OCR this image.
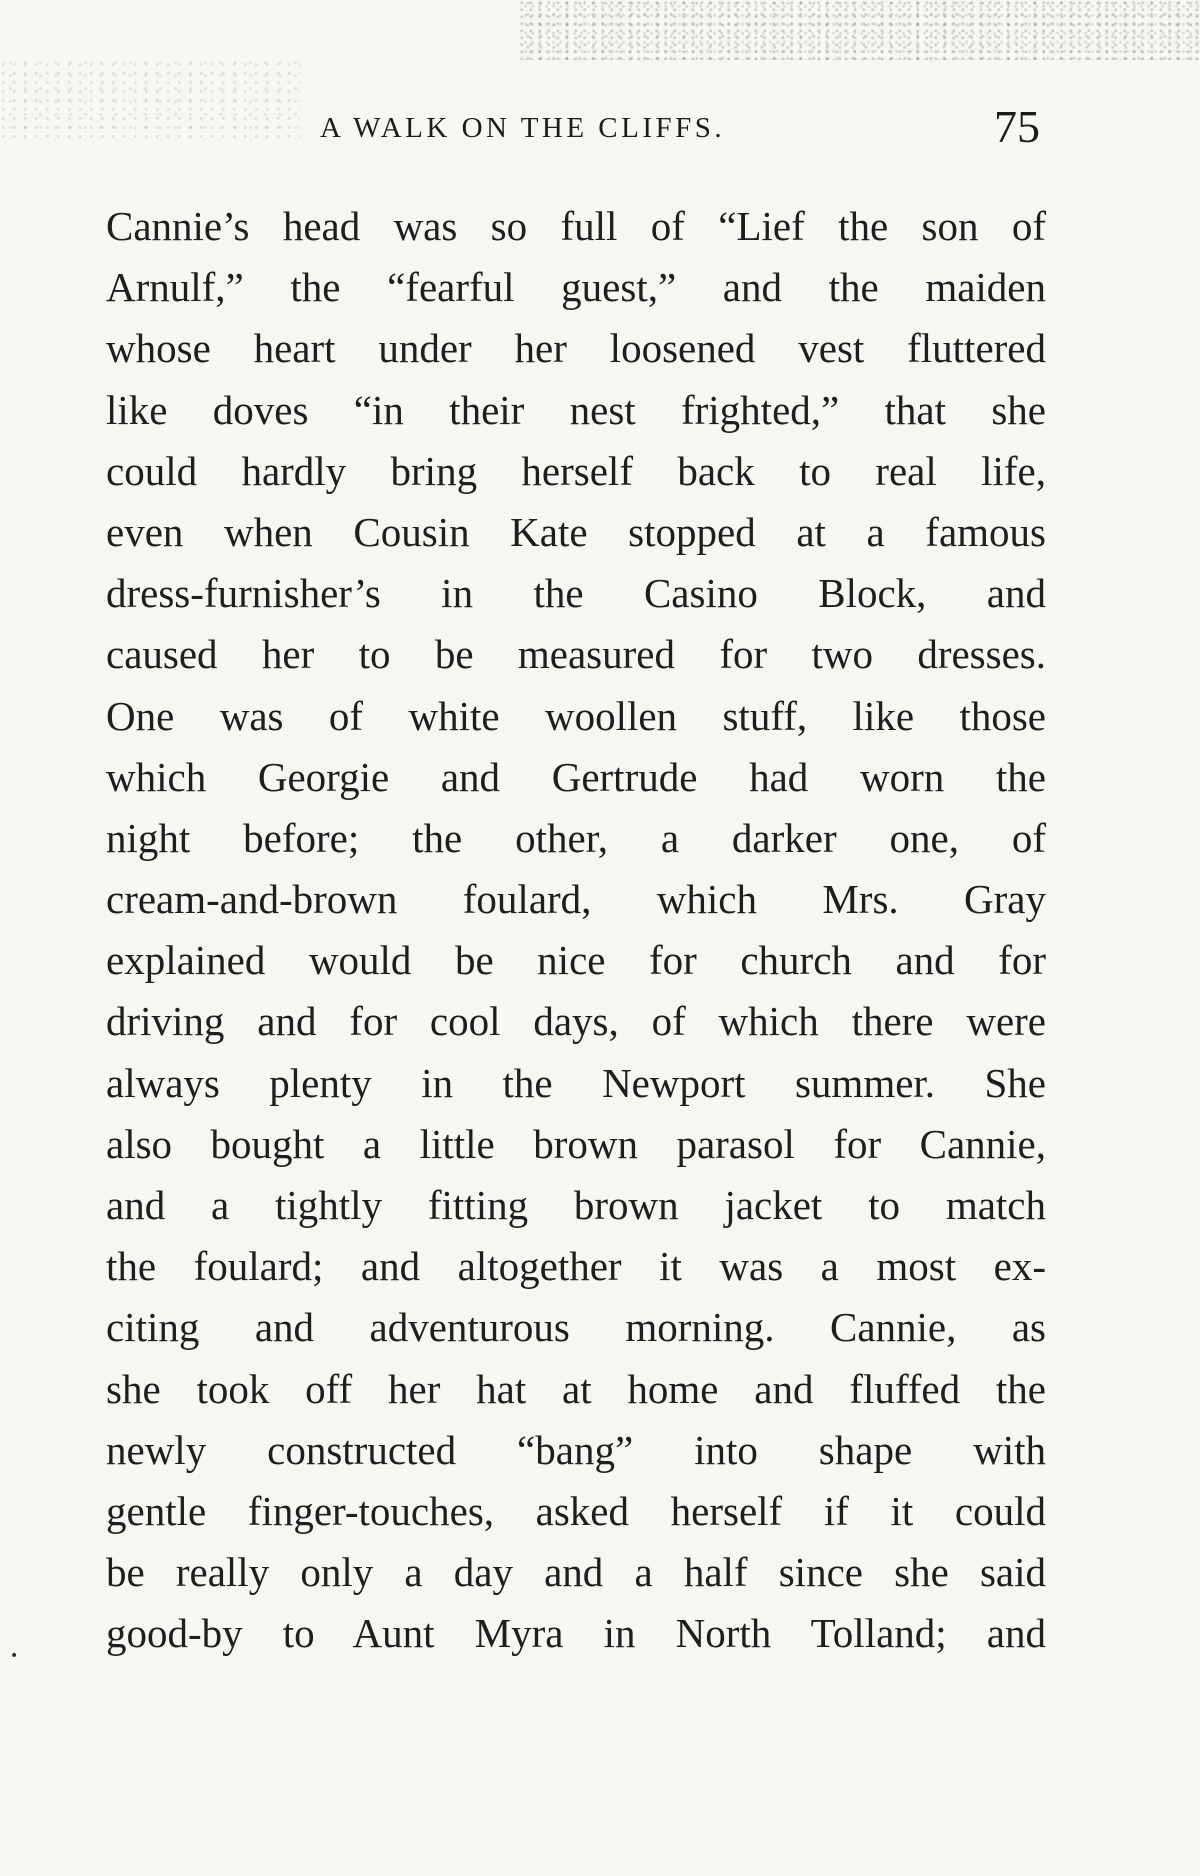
A WALK ON THE CLIFFS.	75
Cannie’s head was so full of “Lief the son of
Arnulf,” the “fearful guest,” and the maiden
whose heart under her loosened vest fluttered
like doves “in their nest frighted,” that she
could hardly bring herself back to real life,
even when Cousin Kate stopped at a famous
dress-furnisher’s in the Casino Block, and
caused her to be measured for two dresses.
One was of white woollen stuff, like those
which Georgie and Gertrude had worn the
night before; the other, a darker one, of
cream-and-brown foulard, which Mrs. Gray
explained would be nice for church and for
driving and for cool days, of which there were
always plenty in the Newport summer. She
also bought a little brown parasol for Cannie,
and a tightly fitting brown jacket to match
the foulard; and altogether it was a most ex-
citing and adventurous morning. Cannie, as
she took off her hat at home and fluffed the
newly constructed “bang” into shape with
gentle finger-touches, asked herself if it could
be really only a day and a half since she said
good-by to Aunt Myra in North Tolland; and
•
